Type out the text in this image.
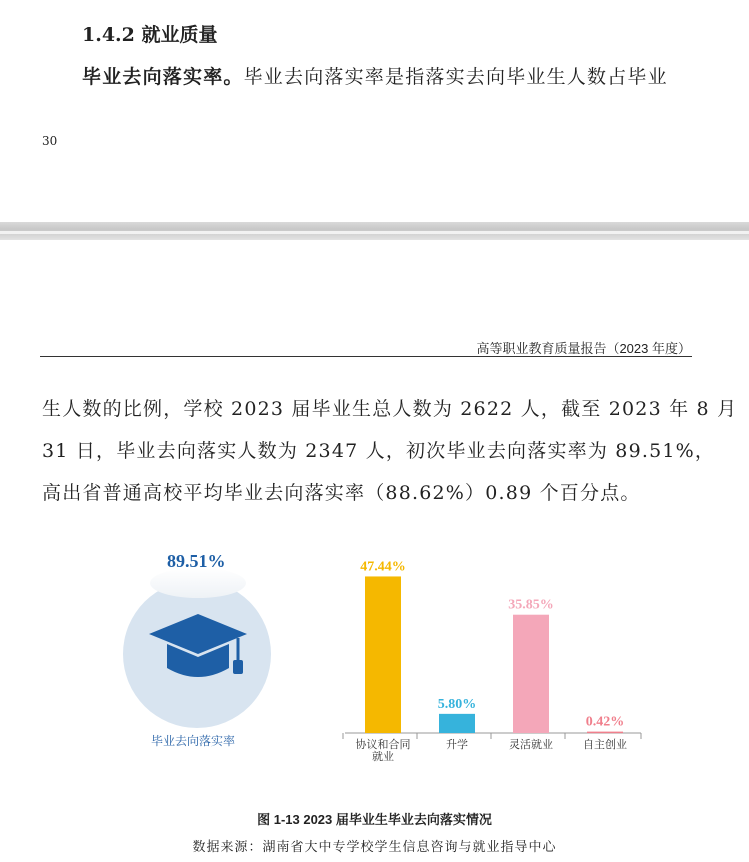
1.4.2 就业质量
毕业去向落实率。毕业去向落实率是指落实去向毕业生人数占毕业
30
高等职业教育质量报告（2023 年度）
生人数的比例，学校 2023 届毕业生总人数为 2622 人，截至 2023 年 8 月
31 日，毕业去向落实人数为 2347 人，初次毕业去向落实率为 89.51%，
高出省普通高校平均毕业去向落实率（88.62%）0.89 个百分点。
89.51%
毕业去向落实率
47.44%
协议和合同
就业
5.80%
升学
35.85%
灵活就业
0.42%
自主创业
图 1-13 2023 届毕业生毕业去向落实情况
数据来源：湖南省大中专学校学生信息咨询与就业指导中心
